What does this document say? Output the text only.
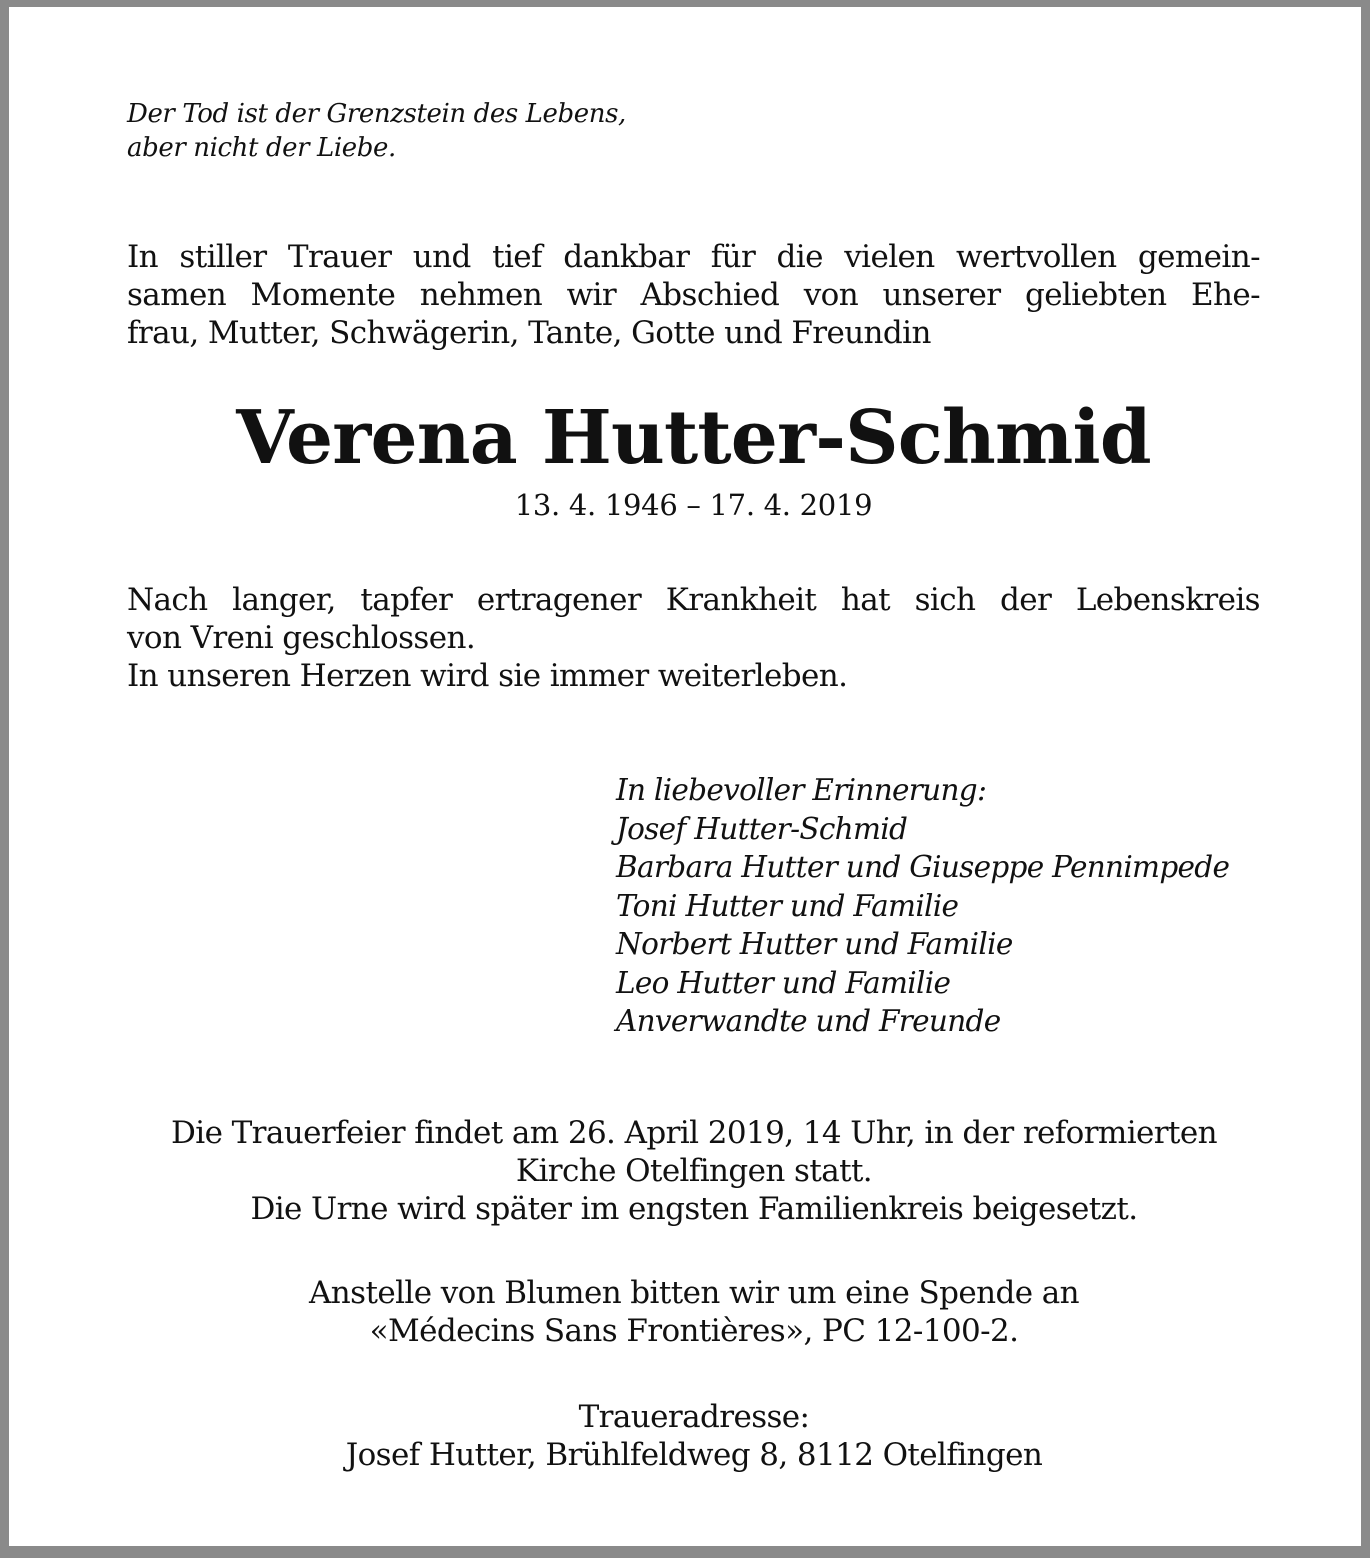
Der Tod ist der Grenzstein des Lebens,
aber nicht der Liebe.
In stiller Trauer und tief dankbar für die vielen wertvollen gemein-
samen Momente nehmen wir Abschied von unserer geliebten Ehe-
frau, Mutter, Schwägerin, Tante, Gotte und Freundin
Verena Hutter-Schmid
13. 4. 1946 – 17. 4. 2019
Nach langer, tapfer ertragener Krankheit hat sich der Lebenskreis
von Vreni geschlossen.
In unseren Herzen wird sie immer weiterleben.
In liebevoller Erinnerung:
Josef Hutter-Schmid
Barbara Hutter und Giuseppe Pennimpede
Toni Hutter und Familie
Norbert Hutter und Familie
Leo Hutter und Familie
Anverwandte und Freunde
Die Trauerfeier findet am 26. April 2019, 14 Uhr, in der reformierten
Kirche Otelfingen statt.
Die Urne wird später im engsten Familienkreis beigesetzt.
Anstelle von Blumen bitten wir um eine Spende an
«Médecins Sans Frontières», PC 12-100-2.
Traueradresse:
Josef Hutter, Brühlfeldweg 8, 8112 Otelfingen
